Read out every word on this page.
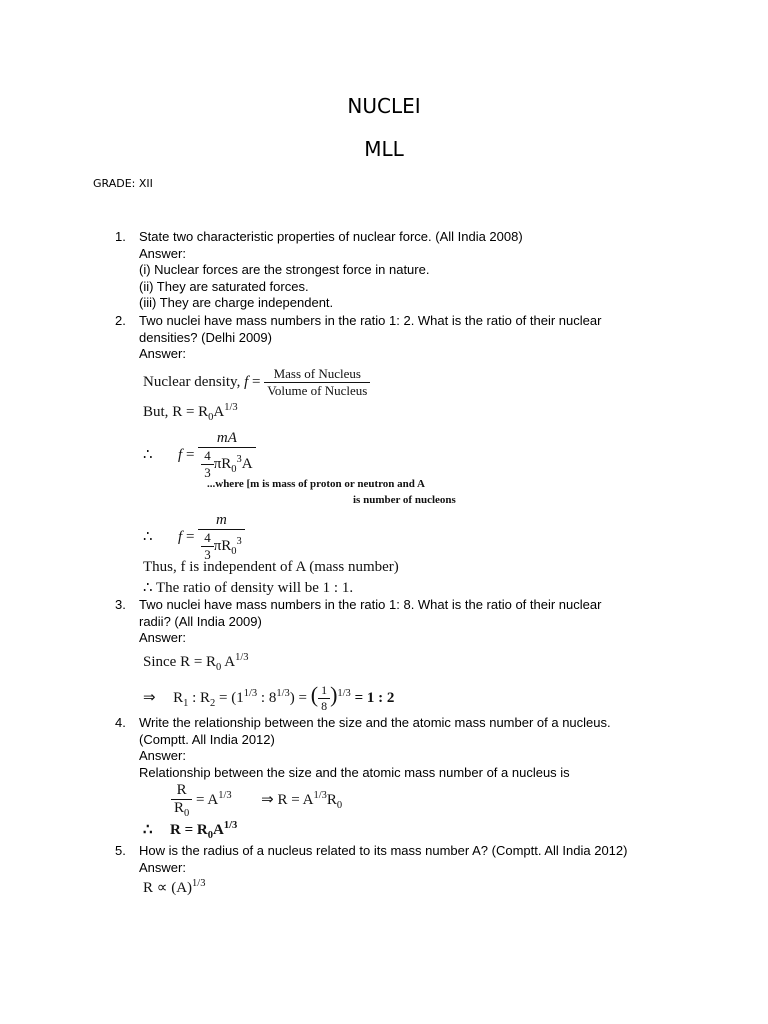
NUCLEI
MLL
GRADE: XII
1.	State two characteristic properties of nuclear force. (All India 2008)
Answer:
(i) Nuclear forces are the strongest force in nature.
(ii) They are saturated forces.
(iii) They are charge independent.
2.	Two nuclei have mass numbers in the ratio 1: 2. What is the ratio of their nuclear
densities? (Delhi 2009)
Answer:
Nuclear density, $f = \frac{\text{Mass of Nucleus}}{\text{Volume of Nucleus}}$
But, $R = R_0A^{1/3}$
∴ $f = \frac{mA}{\frac{4}{3} \pi R_0^3A}$
...where [m is mass of proton or neutron and A
is number of nucleons
∴ $f = \frac{m}{\frac{4}{3} \pi R_0^3}$
Thus, f is independent of A (mass number)
∴ The ratio of density will be 1 : 1.
3.	Two nuclei have mass numbers in the ratio 1: 8. What is the ratio of their nuclear
radii? (All India 2009)
Answer:
Since $R = R_0$ $A^{1/3}$
⇒ $R_1$ : $R_2 = (1^{1/3}$ : $8^{1/3}$) = ( $\frac{1}{8} )^{1/3} = 1$ : 2
4.	Write the relationship between the size and the atomic mass number of a nucleus.
(Comptt. All India 2012)
Answer:
Relationship between the size and the atomic mass number of a nucleus is
$\frac{R}{R_0} = A^{1/3}$ ⇒ $R = A^{1/3}R_0$
∴ $R = R_0A^{1/3}$
5.	How is the radius of a nucleus related to its mass number A? (Comptt. All India 2012)
Answer:
$R \propto (A)^{1/3}$
